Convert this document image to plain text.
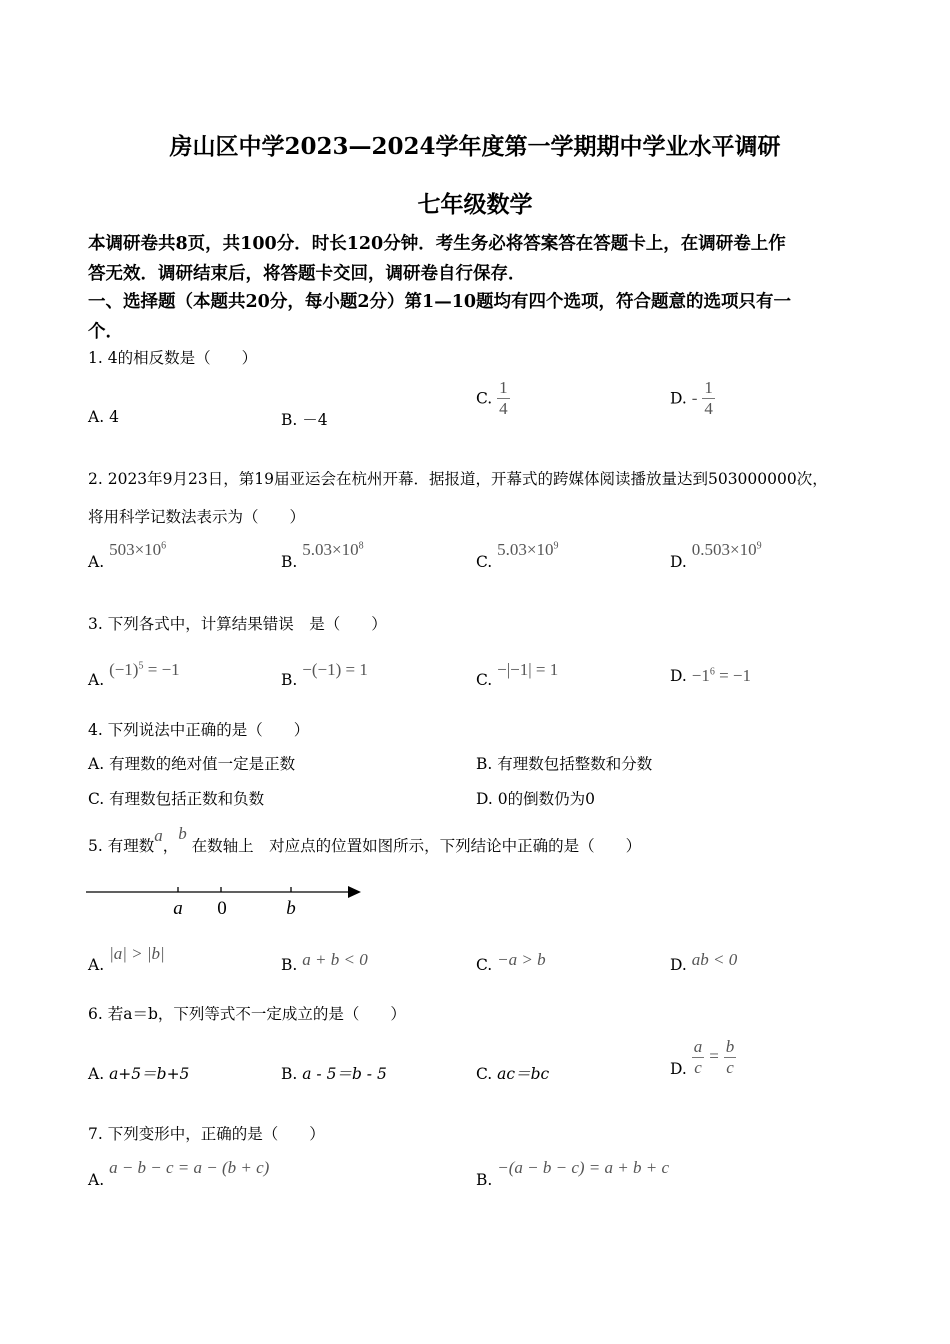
房山区中学2023—2024学年度第一学期期中学业水平调研
七年级数学
本调研卷共8页，共100分．时长120分钟．考生务必将答案答在答题卡上，在调研卷上作
答无效．调研结束后，将答题卡交回，调研卷自行保存．
一、选择题（本题共20分，每小题2分）第1—10题均有四个选项，符合题意的选项只有一
个．
1. 4的相反数是（　　）
A. 4	B. －4
C. $\frac{1}{4}$	D. - $\frac{1}{4}$
2. 2023年9月23日，第19届亚运会在杭州开幕．据报道，开幕式的跨媒体阅读播放量达到503000000次，
将用科学记数法表示为（　　）
A. $503\times 10^6$
B. $5.03\times 10^8$
C. $5.03\times 10^9$
D. $0.503\times 10^9$
3. 下列各式中，计算结果错误　是（　　）
A. $(-1)^5 = -1$
B. −(−1) = 1
C. −|−1| = 1	D. $-1^6 = -1$
4. 下列说法中正确的是（　　）
A. 有理数的绝对值一定是正数	B. 有理数包括整数和分数
C. 有理数包括正数和负数	D. 0的倒数仍为0
5. 有理数a，b 在数轴上　对应点的位置如图所示，下列结论中正确的是（　　）
a 0	b
A. |a| > |b|
B. a + b < 0	C. −a > b	D. ab < 0
6. 若a＝b，下列等式不一定成立的是（　　）
A. a+5＝b+5	B. a - 5＝b - 5	C. ac＝bc	D. $\frac{a}{c} = \frac{b}{c}$
7. 下列变形中，正确的是（　　）
A. a − b − c = a − (b + c)
B. −(a − b − c) = a + b + c
